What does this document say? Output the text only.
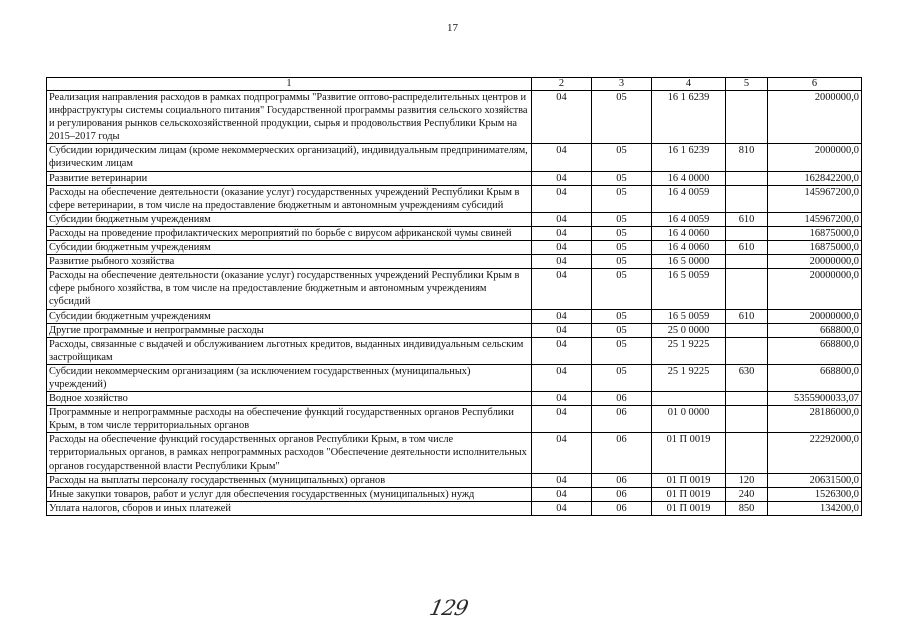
17
1	2	3	4	5	6
Реализация направления расходов в рамках подпрограммы "Развитие оптово-распределительных центров и инфраструктуры системы социального питания" Государственной программы развития сельского хозяйства и регулирования рынков сельскохозяйственной продукции, сырья и продовольствия Республики Крым на 2015–2017 годы	04	05	16 1 6239		2000000,0
Субсидии юридическим лицам (кроме некоммерческих организаций), индивидуальным предпринимателям, физическим лицам	04	05	16 1 6239	810	2000000,0
Развитие ветеринарии	04	05	16 4 0000		162842200,0
Расходы на обеспечение деятельности (оказание услуг) государственных учреждений Республики Крым в сфере ветеринарии, в том числе на предоставление бюджетным и автономным учреждениям субсидий	04	05	16 4 0059		145967200,0
Субсидии бюджетным учреждениям	04	05	16 4 0059	610	145967200,0
Расходы на проведение профилактических мероприятий по борьбе с вирусом африканской чумы свиней	04	05	16 4 0060		16875000,0
Субсидии бюджетным учреждениям	04	05	16 4 0060	610	16875000,0
Развитие рыбного хозяйства	04	05	16 5 0000		20000000,0
Расходы на обеспечение деятельности (оказание услуг) государственных учреждений Республики Крым в сфере рыбного хозяйства, в том числе на предоставление бюджетным и автономным учреждениям субсидий	04	05	16 5 0059		20000000,0
Субсидии бюджетным учреждениям	04	05	16 5 0059	610	20000000,0
Другие программные и непрограммные расходы	04	05	25 0 0000		668800,0
Расходы, связанные с выдачей и обслуживанием льготных кредитов, выданных индивидуальным сельским застройщикам	04	05	25 1 9225		668800,0
Субсидии некоммерческим организациям (за исключением государственных (муниципальных) учреждений)	04	05	25 1 9225	630	668800,0
Водное хозяйство	04	06			5355900033,07
Программные и непрограммные расходы на обеспечение функций государственных органов Республики Крым, в том числе территориальных органов	04	06	01 0 0000		28186000,0
Расходы на обеспечение функций государственных органов Республики Крым, в том числе территориальных органов, в рамках непрограммных расходов "Обеспечение деятельности исполнительных органов государственной власти Республики Крым"	04	06	01 П 0019		22292000,0
Расходы на выплаты персоналу государственных (муниципальных) органов	04	06	01 П 0019	120	20631500,0
Иные закупки товаров, работ и услуг для обеспечения государственных (муниципальных) нужд	04	06	01 П 0019	240	1526300,0
Уплата налогов, сборов и иных платежей	04	06	01 П 0019	850	134200,0
129
